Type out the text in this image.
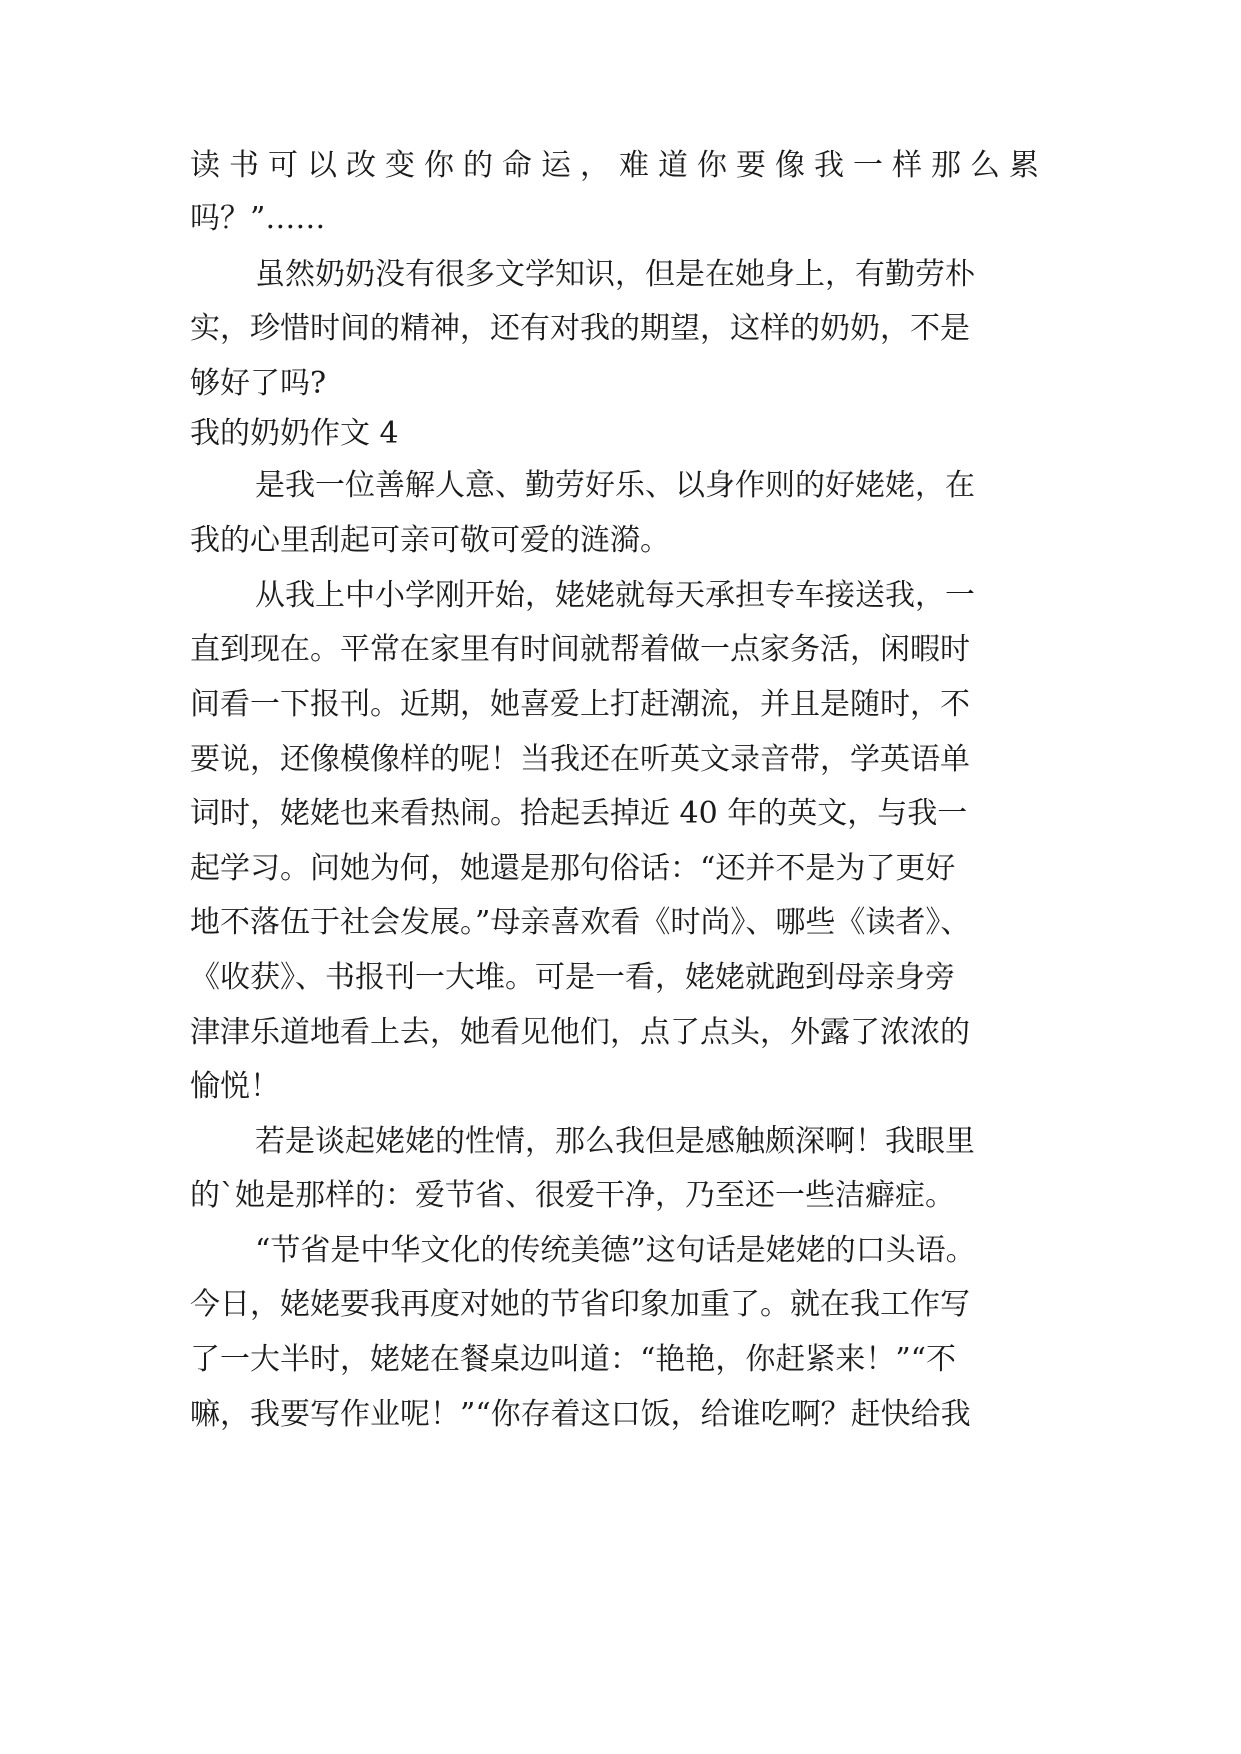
读书可以改变你的命运，难道你要像我一样那么累
吗？”……
虽然奶奶没有很多文学知识，但是在她身上，有勤劳朴
实，珍惜时间的精神，还有对我的期望，这样的奶奶，不是
够好了吗?
我的奶奶作文 4
是我一位善解人意、勤劳好乐、以身作则的好姥姥，在
我的心里刮起可亲可敬可爱的涟漪。
从我上中小学刚开始，姥姥就每天承担专车接送我，一
直到现在。平常在家里有时间就帮着做一点家务活，闲暇时
间看一下报刊。近期，她喜爱上打赶潮流，并且是随时，不
要说，还像模像样的呢！当我还在听英文录音带，学英语单
词时，姥姥也来看热闹。拾起丢掉近 40 年的英文，与我一
起学习。问她为何，她還是那句俗话：“还并不是为了更好
地不落伍于社会发展。”母亲喜欢看《时尚》、哪些《读者》、
《收获》、书报刊一大堆。可是一看，姥姥就跑到母亲身旁
津津乐道地看上去，她看见他们，点了点头，外露了浓浓的
愉悦！
若是谈起姥姥的性情，那么我但是感触颇深啊！我眼里
的`她是那样的：爱节省、很爱干净，乃至还一些洁癖症。
“节省是中华文化的传统美德”这句话是姥姥的口头语。
今日，姥姥要我再度对她的节省印象加重了。就在我工作写
了一大半时，姥姥在餐桌边叫道：“艳艳，你赶紧来！”“不
嘛，我要写作业呢！”“你存着这口饭，给谁吃啊？赶快给我
